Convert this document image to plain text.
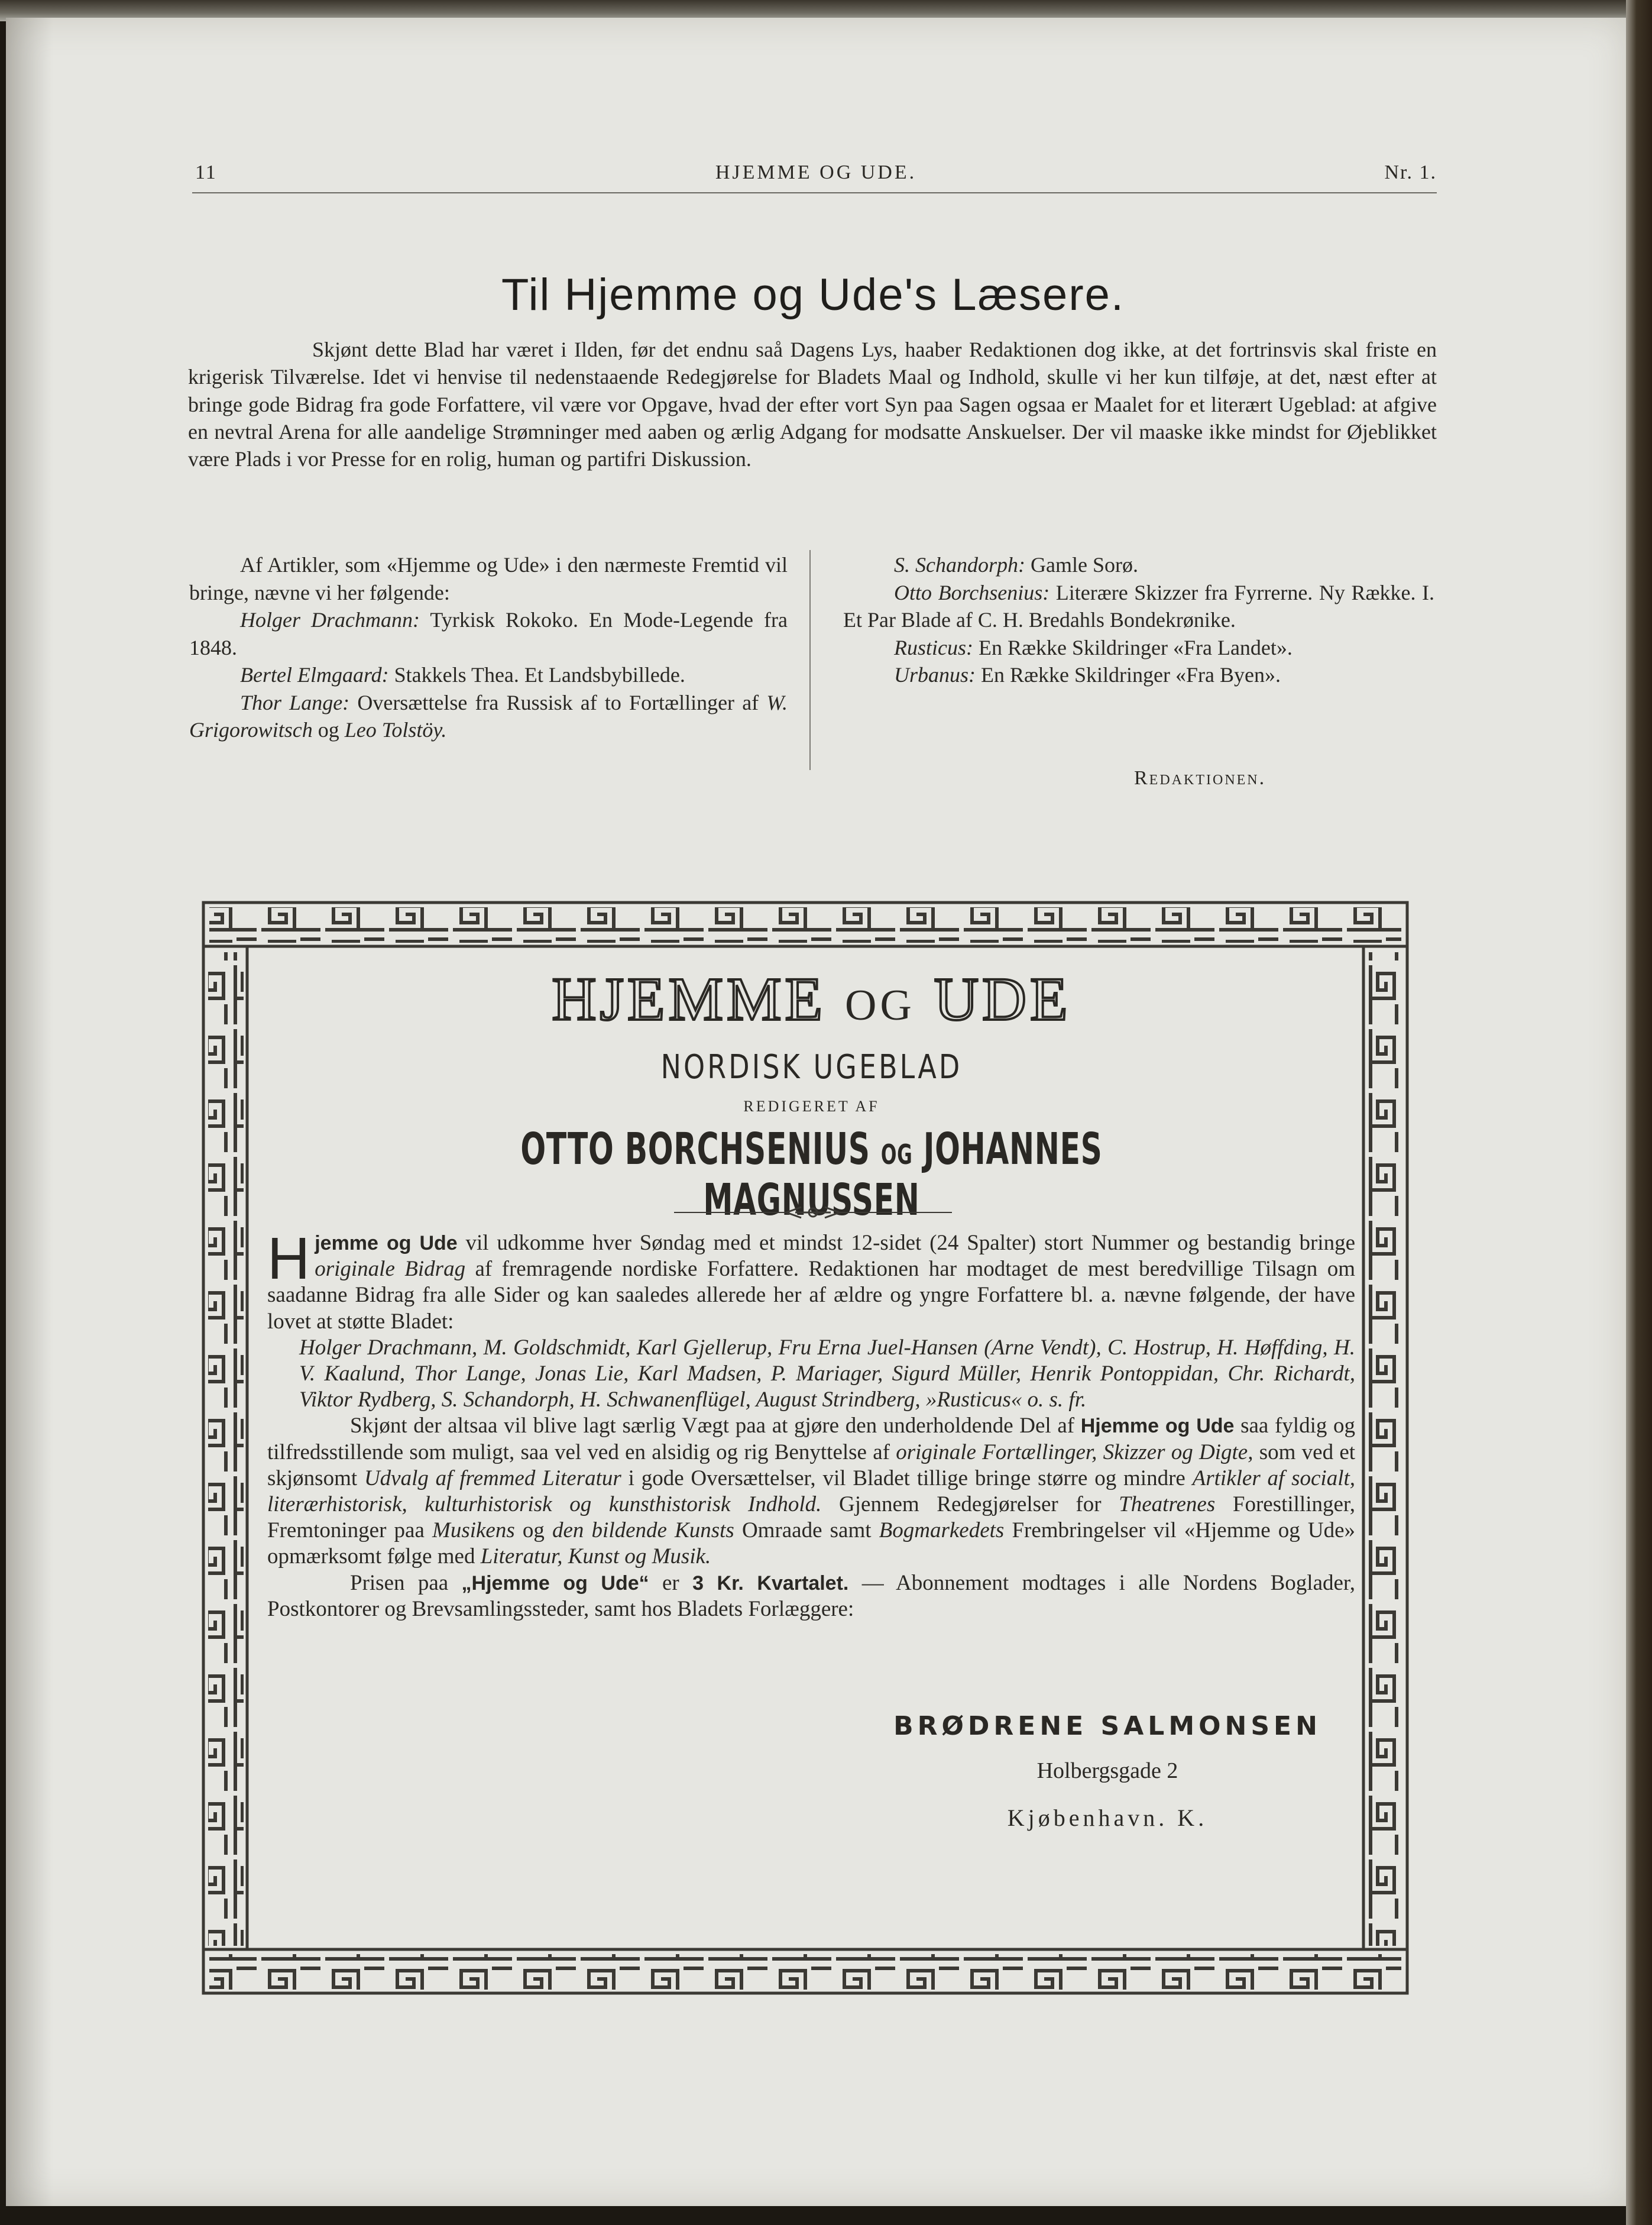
11	HJEMME OG UDE.	Nr. 1.
Til Hjemme og Ude's Læsere.
Skjønt dette Blad har været i Ilden, før det endnu saå Dagens Lys, haaber Redaktionen dog ikke, at det fortrinsvis skal friste en krigerisk Tilværelse. Idet vi henvise til nedenstaaende Redegjørelse for Bladets Maal og Indhold, skulle vi her kun tilføje, at det, næst efter at bringe gode Bidrag fra gode Forfattere, vil være vor Opgave, hvad der efter vort Syn paa Sagen ogsaa er Maalet for et literært Ugeblad: at afgive en nevtral Arena for alle aandelige Strømninger med aaben og ærlig Adgang for modsatte Anskuelser. Der vil maaske ikke mindst for Øjeblikket være Plads i vor Presse for en rolig, human og partifri Diskussion.

Af Artikler, som «Hjemme og Ude» i den nærmeste Fremtid vil bringe, nævne vi her følgende:

Holger Drachmann: Tyrkisk Rokoko. En Mode-Legende fra 1848.

Bertel Elmgaard: Stakkels Thea. Et Landsbybillede.

Thor Lange: Oversættelse fra Russisk af to Fortællinger af W. Grigorowitsch og Leo Tolstöy.

S. Schandorph: Gamle Sorø.

Otto Borchsenius: Literære Skizzer fra Fyrrerne. Ny Række. I. Et Par Blade af C. H. Bredahls Bondekrønike.

Rusticus: En Række Skildringer «Fra Landet».

Urbanus: En Række Skildringer «Fra Byen».

Redaktionen.
HJEMME OG UDE
NORDISK UGEBLAD
REDIGERET AF
OTTO BORCHSENIUS OG JOHANNES MAGNUSSEN

Hjemme og Ude vil udkomme hver Søndag med et mindst 12-sidet (24 Spalter) stort Nummer og bestandig bringe originale Bidrag af fremragende nordiske Forfattere. Redaktionen har modtaget de mest beredvillige Tilsagn om saadanne Bidrag fra alle Sider og kan saaledes allerede her af ældre og yngre Forfattere bl. a. nævne følgende, der have lovet at støtte Bladet:

Holger Drachmann, M. Goldschmidt, Karl Gjellerup, Fru Erna Juel-Hansen (Arne Vendt), C. Hostrup, H. Høffding, H. V. Kaalund, Thor Lange, Jonas Lie, Karl Madsen, P. Mariager, Sigurd Müller, Henrik Pontoppidan, Chr. Richardt, Viktor Rydberg, S. Schandorph, H. Schwanenflügel, August Strindberg, »Rusticus« o. s. fr.

Skjønt der altsaa vil blive lagt særlig Vægt paa at gjøre den underholdende Del af Hjemme og Ude saa fyldig og tilfredsstillende som muligt, saa vel ved en alsidig og rig Benyttelse af originale Fortællinger, Skizzer og Digte, som ved et skjønsomt Udvalg af fremmed Literatur i gode Oversættelser, vil Bladet tillige bringe større og mindre Artikler af socialt, literærhistorisk, kulturhistorisk og kunsthistorisk Indhold. Gjennem Redegjørelser for Theatrenes Forestillinger, Fremtoninger paa Musikens og den bildende Kunsts Omraade samt Bogmarkedets Frembringelser vil «Hjemme og Ude» opmærksomt følge med Literatur, Kunst og Musik.

Prisen paa „Hjemme og Ude“ er 3 Kr. Kvartalet. — Abonnement modtages i alle Nordens Boglader, Postkontorer og Brevsamlingssteder, samt hos Bladets Forlæggere:

BRØDRENE SALMONSEN
Holbergsgade 2
Kjøbenhavn. K.
